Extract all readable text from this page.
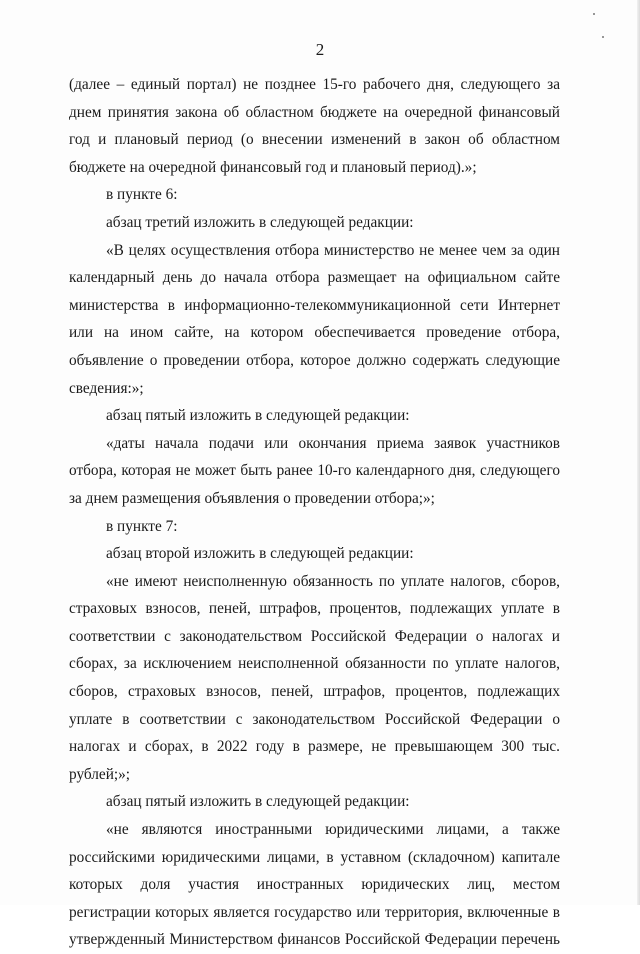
2

(далее – единый портал) не позднее 15-го рабочего дня, следующего за днем принятия закона об областном бюджете на очередной финансовый год и плановый период (о внесении изменений в закон об областном бюджете на очередной финансовый год и плановый период).»;

в пункте 6:

абзац третий изложить в следующей редакции:

«В целях осуществления отбора министерство не менее чем за один календарный день до начала отбора размещает на официальном сайте министерства в информационно-телекоммуникационной сети Интернет или на ином сайте, на котором обеспечивается проведение отбора, объявление о проведении отбора, которое должно содержать следующие сведения:»;

абзац пятый изложить в следующей редакции:

«даты начала подачи или окончания приема заявок участников отбора, которая не может быть ранее 10-го календарного дня, следующего за днем размещения объявления о проведении отбора;»;

в пункте 7:

абзац второй изложить в следующей редакции:

«не имеют неисполненную обязанность по уплате налогов, сборов, страховых взносов, пеней, штрафов, процентов, подлежащих уплате в соответствии с законодательством Российской Федерации о налогах и сборах, за исключением неисполненной обязанности по уплате налогов, сборов, страховых взносов, пеней, штрафов, процентов, подлежащих уплате в соответствии с законодательством Российской Федерации о налогах и сборах, в 2022 году в размере, не превышающем 300 тыс. рублей;»;

абзац пятый изложить в следующей редакции:

«не являются иностранными юридическими лицами, а также российскими юридическими лицами, в уставном (складочном) капитале которых доля участия иностранных юридических лиц, местом регистрации которых является государство или территория, включенные в утвержденный Министерством финансов Российской Федерации перечень
